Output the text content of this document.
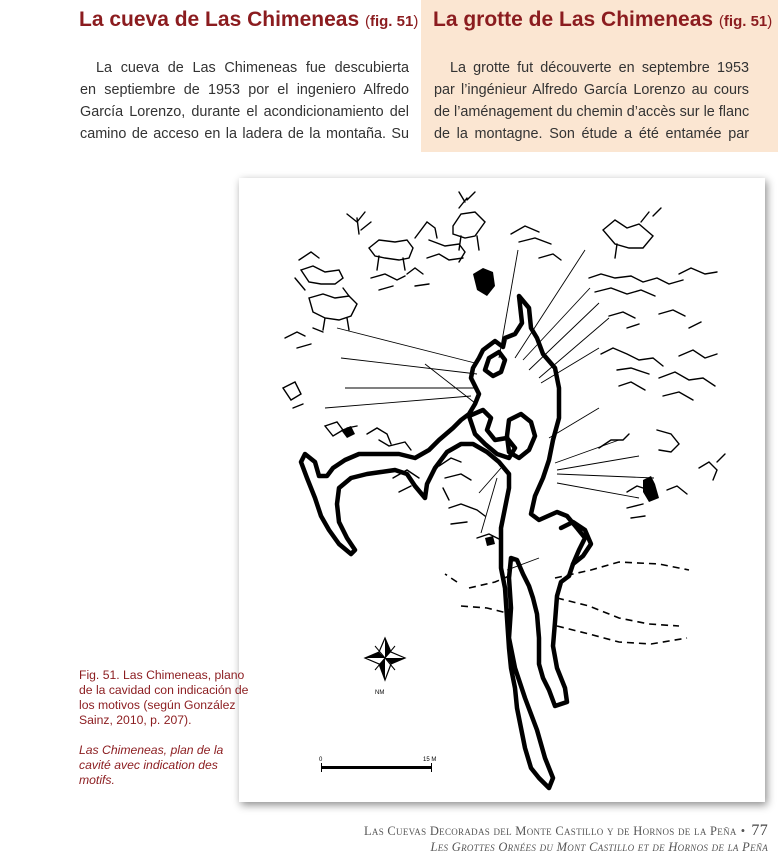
La cueva de Las Chimeneas (fig. 51)

La cueva de Las Chimeneas fue descubierta
en septiembre de 1953 por el ingeniero Alfredo
García Lorenzo, durante el acondicionamiento del
camino de acceso en la ladera de la montaña. Su

La grotte de Las Chimeneas (fig. 51)

La grotte fut découverte en septembre 1953
par l’ingénieur Alfredo García Lorenzo au cours
de l’aménagement du chemin d’accès sur le flanc
de la montagne. Son étude a été entamée par

NM
0	15 M

Fig. 51. Las Chimeneas, plano de la cavidad con indicación de los motivos (según González Sainz, 2010, p. 207).

Las Chimeneas, plan de la cavité avec indication des motifs.

Las Cuevas Decoradas del Monte Castillo y de Hornos de la Peña • 77
Les Grottes Ornées du Mont Castillo et de Hornos de la Peña
